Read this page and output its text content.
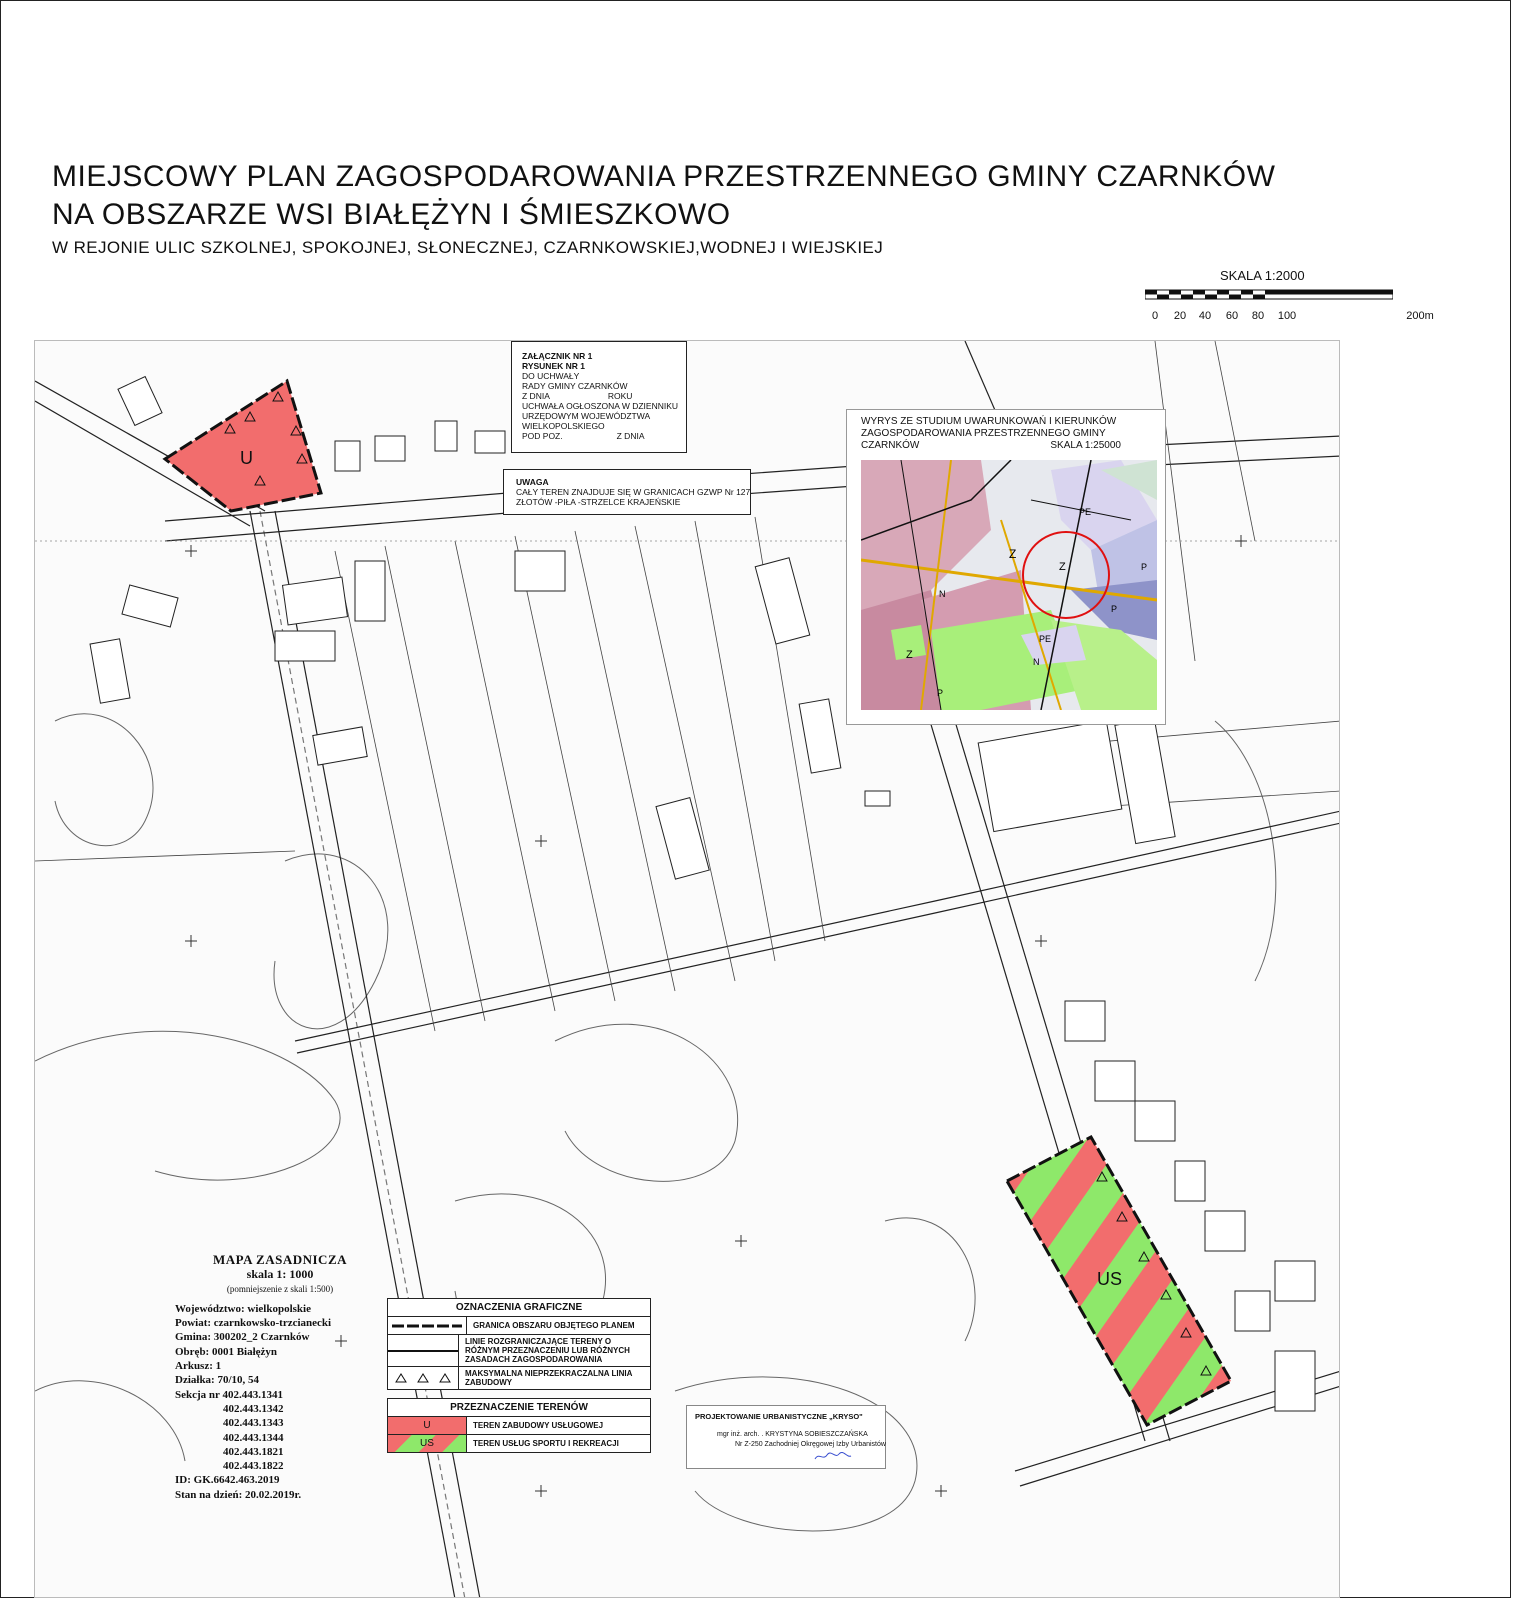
MIEJSCOWY PLAN ZAGOSPODAROWANIA PRZESTRZENNEGO GMINY CZARNKÓW
NA OBSZARZE WSI BIAŁĘŻYN I ŚMIESZKOWO
W REJONIE ULIC SZKOLNEJ, SPOKOJNEJ, SŁONECZNEJ, CZARNKOWSKIEJ,WODNEJ I WIEJSKIEJ
SKALA 1:2000
0 20 40 60 80 100	200m
U
US
ZAŁĄCZNIK NR 1
RYSUNEK NR 1
DO UCHWAŁY
RADY GMINY CZARNKÓW
Z DNIA	ROKU
UCHWAŁA OGŁOSZONA W DZIENNIKU
URZĘDOWYM WOJEWÓDZTWA
WIELKOPOLSKIEGO
POD POZ.	Z DNIA
UWAGA
CAŁY TEREN ZNAJDUJE SIĘ W GRANICACH GZWP Nr 127
ZŁOTÓW -PIŁA -STRZELCE KRAJEŃSKIE
WYRYS ZE STUDIUM UWARUNKOWAŃ I KIERUNKÓW
ZAGOSPODAROWANIA PRZESTRZENNEGO GMINY
CZARNKÓW	SKALA 1:25000
PE
P
P
Z
Z
N
PE
N
Z
P
MAPA ZASADNICZA
skala 1: 1000
(pomniejszenie z skali 1:500)
Województwo: wielkopolskie
Powiat: czarnkowsko-trzcianecki
Gmina: 300202_2 Czarnków
Obręb: 0001 Białężyn
Arkusz: 1
Działka: 70/10, 54
Sekcja nr 402.443.1341
402.443.1342
402.443.1343
402.443.1344
402.443.1821
402.443.1822
ID: GK.6642.463.2019
Stan na dzień: 20.02.2019r.
OZNACZENIA GRAFICZNE
GRANICA OBSZARU OBJĘTEGO PLANEM
LINIE ROZGRANICZAJĄCE TERENY O RÓŻNYM PRZEZNACZENIU LUB RÓŻNYCH ZASADACH ZAGOSPODAROWANIA
MAKSYMALNA NIEPRZEKRACZALNA LINIA ZABUDOWY
PRZEZNACZENIE TERENÓW
U	TEREN ZABUDOWY USŁUGOWEJ
US	TEREN USŁUG SPORTU I REKREACJI
PROJEKTOWANIE URBANISTYCZNE „KRYSO"
mgr inż. arch. . KRYSTYNA SOBIESZCZAŃSKA
Nr Z-250 Zachodniej Okręgowej Izby Urbanistów
